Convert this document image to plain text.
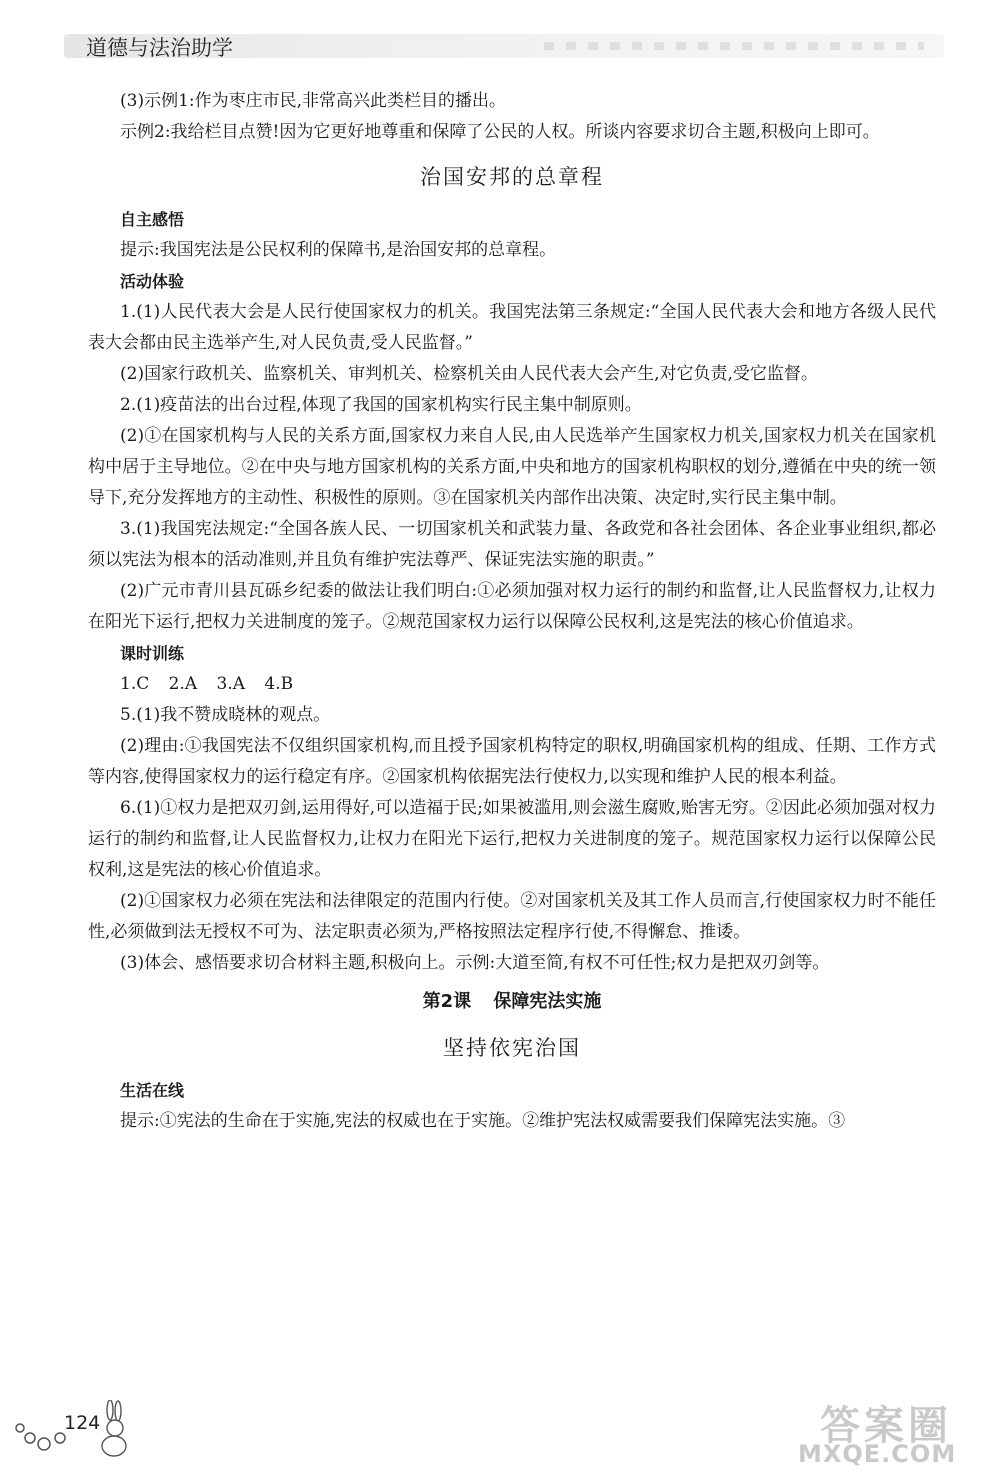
道德与法治助学

(3)示例1:作为枣庄市民,非常高兴此类栏目的播出。

示例2:我给栏目点赞!因为它更好地尊重和保障了公民的人权。所谈内容要求切合主题,积极向上即可。

治国安邦的总章程
自主感悟

提示:我国宪法是公民权利的保障书,是治国安邦的总章程。

活动体验

1.(1)人民代表大会是人民行使国家权力的机关。我国宪法第三条规定:“全国人民代表大会和地方各级人民代表大会都由民主选举产生,对人民负责,受人民监督。”

(2)国家行政机关、监察机关、审判机关、检察机关由人民代表大会产生,对它负责,受它监督。

2.(1)疫苗法的出台过程,体现了我国的国家机构实行民主集中制原则。

(2)①在国家机构与人民的关系方面,国家权力来自人民,由人民选举产生国家权力机关,国家权力机关在国家机构中居于主导地位。②在中央与地方国家机构的关系方面,中央和地方的国家机构职权的划分,遵循在中央的统一领导下,充分发挥地方的主动性、积极性的原则。③在国家机关内部作出决策、决定时,实行民主集中制。

3.(1)我国宪法规定:“全国各族人民、一切国家机关和武装力量、各政党和各社会团体、各企业事业组织,都必须以宪法为根本的活动准则,并且负有维护宪法尊严、保证宪法实施的职责。”

(2)广元市青川县瓦砾乡纪委的做法让我们明白:①必须加强对权力运行的制约和监督,让人民监督权力,让权力在阳光下运行,把权力关进制度的笼子。②规范国家权力运行以保障公民权利,这是宪法的核心价值追求。

课时训练

1.C 2.A 3.A 4.B

5.(1)我不赞成晓林的观点。

(2)理由:①我国宪法不仅组织国家机构,而且授予国家机构特定的职权,明确国家机构的组成、任期、工作方式等内容,使得国家权力的运行稳定有序。②国家机构依据宪法行使权力,以实现和维护人民的根本利益。

6.(1)①权力是把双刃剑,运用得好,可以造福于民;如果被滥用,则会滋生腐败,贻害无穷。②因此必须加强对权力运行的制约和监督,让人民监督权力,让权力在阳光下运行,把权力关进制度的笼子。规范国家权力运行以保障公民权利,这是宪法的核心价值追求。

(2)①国家权力必须在宪法和法律限定的范围内行使。②对国家机关及其工作人员而言,行使国家权力时不能任性,必须做到法无授权不可为、法定职责必须为,严格按照法定程序行使,不得懈怠、推诿。

(3)体会、感悟要求切合材料主题,积极向上。示例:大道至简,有权不可任性;权力是把双刃剑等。

第2课 保障宪法实施
坚持依宪治国
生活在线

提示:①宪法的生命在于实施,宪法的权威也在于实施。②维护宪法权威需要我们保障宪法实施。③

124	答案圈
MXQE.COM
